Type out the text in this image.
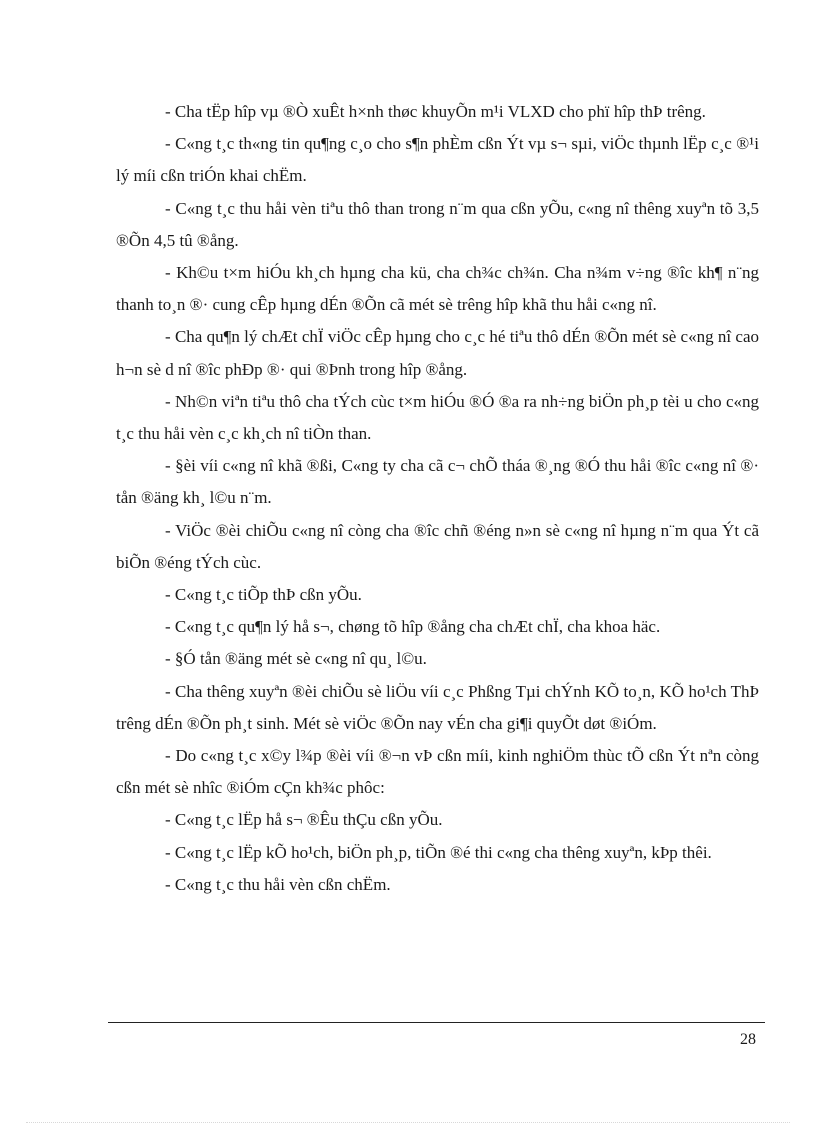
- Cha tËp hîp vµ ®Ò xuÊt h×nh thøc khuyÕn m¹i VLXD cho phï hîp thÞ trêng.

- C«ng t¸c th«ng tin qu¶ng c¸o cho s¶n phÈm cßn Ýt vµ s¬ sµi, viÖc thµnh lËp c¸c ®¹i lý míi cßn triÓn khai chËm.

- C«ng t¸c thu håi vèn tiªu thô than trong n¨m qua cßn yÕu, c«ng nî thêng xuyªn tõ 3,5 ®Õn 4,5 tû ®ång.

- Kh©u t×m hiÓu kh¸ch hµng cha kü, cha ch¾c ch¾n. Cha n¾m v÷ng ®îc kh¶ n¨ng thanh to¸n ®· cung cÊp hµng dÉn ®Õn cã mét sè trêng hîp khã thu håi c«ng nî.

- Cha qu¶n lý chÆt chÏ viÖc cÊp hµng cho c¸c hé tiªu thô dÉn ®Õn mét sè c«ng nî cao h¬n sè d nî ®îc phÐp ®· qui ®Þnh trong hîp ®ång.

- Nh©n viªn tiªu thô cha tÝch cùc t×m hiÓu ®Ó ®a ra nh÷ng biÖn ph¸p tèi u cho c«ng t¸c thu håi vèn c¸c kh¸ch nî tiÒn than.

- §èi víi c«ng nî khã ®ßi, C«ng ty cha cã c¬ chÕ tháa ®¸ng ®Ó thu håi ®îc c«ng nî ®· tån ®äng kh¸ l©u n¨m.

- ViÖc ®èi chiÕu c«ng nî còng cha ®îc chñ ®éng n»n sè c«ng nî hµng n¨m qua Ýt cã biÕn ®éng tÝch cùc.

- C«ng t¸c tiÕp thÞ cßn yÕu.

- C«ng t¸c qu¶n lý hå s¬, chøng tõ hîp ®ång cha chÆt chÏ, cha khoa häc.

- §Ó tån ®äng mét sè c«ng nî qu¸ l©u.

- Cha thêng xuyªn ®èi chiÕu sè liÖu víi c¸c Phßng Tµi chÝnh KÕ to¸n, KÕ ho¹ch ThÞ trêng dÉn ®Õn ph¸t sinh. Mét sè viÖc ®Õn nay vÉn cha gi¶i quyÕt døt ®iÓm.

- Do c«ng t¸c x©y l¾p ®èi víi ®¬n vÞ cßn míi, kinh nghiÖm thùc tÕ cßn Ýt nªn còng cßn mét sè nhîc ®iÓm cÇn kh¾c phôc:

- C«ng t¸c lËp hå s¬ ®Êu thÇu cßn yÕu.

- C«ng t¸c lËp kÕ ho¹ch, biÖn ph¸p, tiÕn ®é thi c«ng cha thêng xuyªn, kÞp thêi.

- C«ng t¸c thu håi vèn cßn chËm.

28
